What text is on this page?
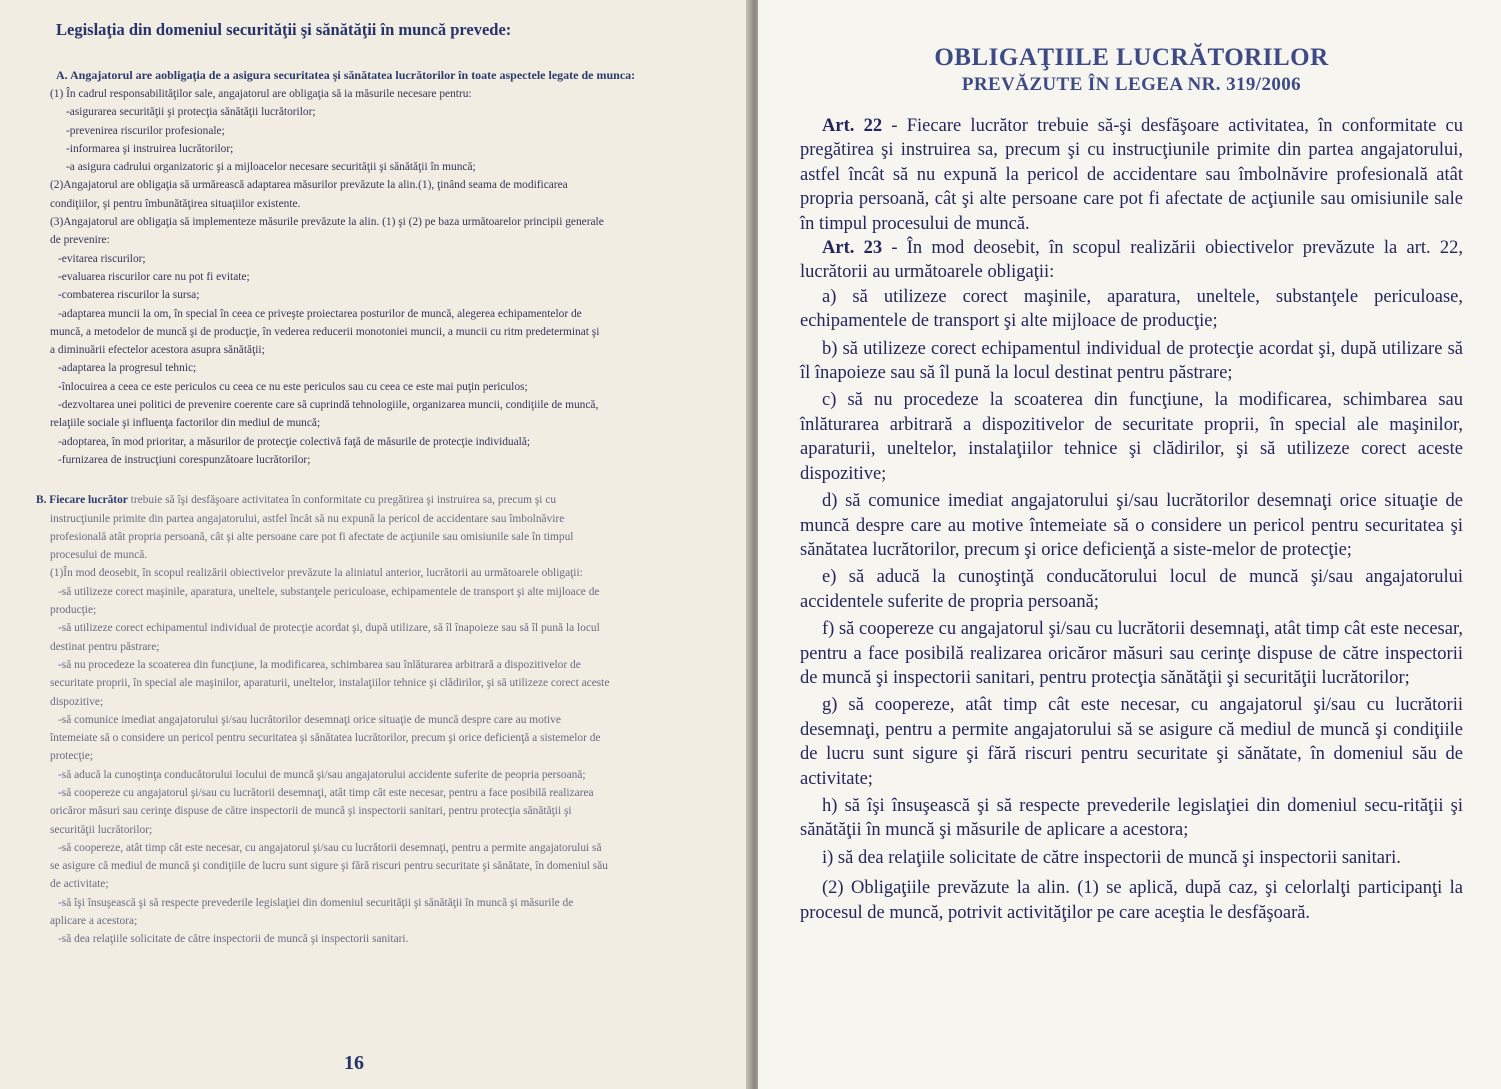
Legislaţia din domeniul securităţii şi sănătăţii în muncă prevede:
A. Angajatorul are aobligaţia de a asigura securitatea şi sănătatea lucrătorilor în toate aspectele legate de munca:
(1) În cadrul responsabilităţilor sale, angajatorul are obligaţia să ia măsurile necesare pentru:
-asigurarea securităţii şi protecţia sănătăţii lucrătorilor;
-prevenirea riscurilor profesionale;
-informarea şi instruirea lucrătorilor;
-a asigura cadrului organizatoric şi a mijloacelor necesare securităţii şi sănătăţii în muncă;
(2)Angajatorul are obligaţia să urmărească adaptarea măsurilor prevăzute la alin.(1), ţinând seama de modificarea
condiţiilor, şi pentru îmbunătăţirea situaţiilor existente.
(3)Angajatorul are obligaţia să implementeze măsurile prevăzute la alin. (1) şi (2) pe baza următoarelor principii generale
de prevenire:
-evitarea riscurilor;
-evaluarea riscurilor care nu pot fi evitate;
-combaterea riscurilor la sursa;
-adaptarea muncii la om, în special în ceea ce priveşte proiectarea posturilor de muncă, alegerea echipamentelor de
muncă, a metodelor de muncă şi de producţie, în vederea reducerii monotoniei muncii, a muncii cu ritm predeterminat şi
a diminuării efectelor acestora asupra sănătăţii;
-adaptarea la progresul tehnic;
-înlocuirea a ceea ce este periculos cu ceea ce nu este periculos sau cu ceea ce este mai puţin periculos;
-dezvoltarea unei politici de prevenire coerente care să cuprindă tehnologiile, organizarea muncii, condiţiile de muncă,
relaţiile sociale şi influenţa factorilor din mediul de muncă;
-adoptarea, în mod prioritar, a măsurilor de protecţie colectivă faţă de măsurile de protecţie individuală;
-furnizarea de instrucţiuni corespunzătoare lucrătorilor;
B. Fiecare lucrător trebuie să îşi desfăşoare activitatea în conformitate cu pregătirea şi instruirea sa, precum şi cu
instrucţiunile primite din partea angajatorului, astfel încât să nu expună la pericol de accidentare sau îmbolnăvire
profesională atât propria persoană, cât şi alte persoane care pot fi afectate de acţiunile sau omisiunile sale în timpul
procesului de muncă.
(1)În mod deosebit, în scopul realizării obiectivelor prevăzute la aliniatul anterior, lucrătorii au următoarele obligaţii:
-să utilizeze corect maşinile, aparatura, uneltele, substanţele periculoase, echipamentele de transport şi alte mijloace de
producţie;
-să utilizeze corect echipamentul individual de protecţie acordat şi, după utilizare, să îl înapoieze sau să îl pună la locul
destinat pentru păstrare;
-să nu procedeze la scoaterea din funcţiune, la modificarea, schimbarea sau înlăturarea arbitrară a dispozitivelor de
securitate proprii, în special ale maşinilor, aparaturii, uneltelor, instalaţiilor tehnice şi clădirilor, şi să utilizeze corect aceste
dispozitive;
-să comunice imediat angajatorului şi/sau lucrătorilor desemnaţi orice situaţie de muncă despre care au motive
întemeiate să o considere un pericol pentru securitatea şi sănătatea lucrătorilor, precum şi orice deficienţă a sistemelor de
protecţie;
-să aducă la cunoştinţa conducătorului locului de muncă şi/sau angajatorului accidente suferite de peopria persoană;
-să coopereze cu angajatorul şi/sau cu lucrătorii desemnaţi, atât timp cât este necesar, pentru a face posibilă realizarea
oricăror măsuri sau cerinţe dispuse de către inspectorii de muncă şi inspectorii sanitari, pentru protecţia sănătăţii şi
securităţii lucrătorilor;
-să coopereze, atât timp cât este necesar, cu angajatorul şi/sau cu lucrătorii desemnaţi, pentru a permite angajatorului să
se asigure că mediul de muncă şi condiţiile de lucru sunt sigure şi fără riscuri pentru securitate şi sănătate, în domeniul său
de activitate;
-să îşi însuşească şi să respecte prevederile legislaţiei din domeniul securităţii şi sănătăţii în muncă şi măsurile de
aplicare a acestora;
-să dea relaţiile solicitate de către inspectorii de muncă şi inspectorii sanitari.
16
OBLIGAŢIILE LUCRĂTORILOR
PREVĂZUTE ÎN LEGEA NR. 319/2006

Art. 22 - Fiecare lucrător trebuie să-şi desfăşoare activitatea, în conformitate cu pregătirea şi instruirea sa, precum şi cu instrucţiunile primite din partea angajatorului, astfel încât să nu expună la pericol de accidentare sau îmbolnăvire profesională atât propria persoană, cât şi alte persoane care pot fi afectate de acţiunile sau omisiunile sale în timpul procesului de muncă.

Art. 23 - În mod deosebit, în scopul realizării obiectivelor prevăzute la art. 22, lucrătorii au următoarele obligaţii:

a) să utilizeze corect maşinile, aparatura, uneltele, substanţele periculoase, echipamentele de transport şi alte mijloace de producţie;

b) să utilizeze corect echipamentul individual de protecţie acordat şi, după utilizare să îl înapoieze sau să îl pună la locul destinat pentru păstrare;

c) să nu procedeze la scoaterea din funcţiune, la modificarea, schimbarea sau înlăturarea arbitrară a dispozitivelor de securitate proprii, în special ale maşinilor, aparaturii, uneltelor, instalaţiilor tehnice şi clădirilor, şi să utilizeze corect aceste dispozitive;

d) să comunice imediat angajatorului şi/sau lucrătorilor desemnaţi orice situaţie de muncă despre care au motive întemeiate să o considere un pericol pentru securitatea şi sănătatea lucrătorilor, precum şi orice deficienţă a siste-melor de protecţie;

e) să aducă la cunoştinţă conducătorului locul de muncă şi/sau angajatorului accidentele suferite de propria persoană;

f) să coopereze cu angajatorul şi/sau cu lucrătorii desemnaţi, atât timp cât este necesar, pentru a face posibilă realizarea oricăror măsuri sau cerinţe dispuse de către inspectorii de muncă şi inspectorii sanitari, pentru protecţia sănătăţii şi securităţii lucrătorilor;

g) să coopereze, atât timp cât este necesar, cu angajatorul şi/sau cu lucrătorii desemnaţi, pentru a permite angajatorului să se asigure că mediul de muncă şi condiţiile de lucru sunt sigure şi fără riscuri pentru securitate şi sănătate, în domeniul său de activitate;

h) să îşi însuşească şi să respecte prevederile legislaţiei din domeniul secu-rităţii şi sănătăţii în muncă şi măsurile de aplicare a acestora;

i) să dea relaţiile solicitate de către inspectorii de muncă şi inspectorii sanitari.

(2) Obligaţiile prevăzute la alin. (1) se aplică, după caz, şi celorlalţi participanţi la procesul de muncă, potrivit activităţilor pe care aceştia le desfăşoară.
